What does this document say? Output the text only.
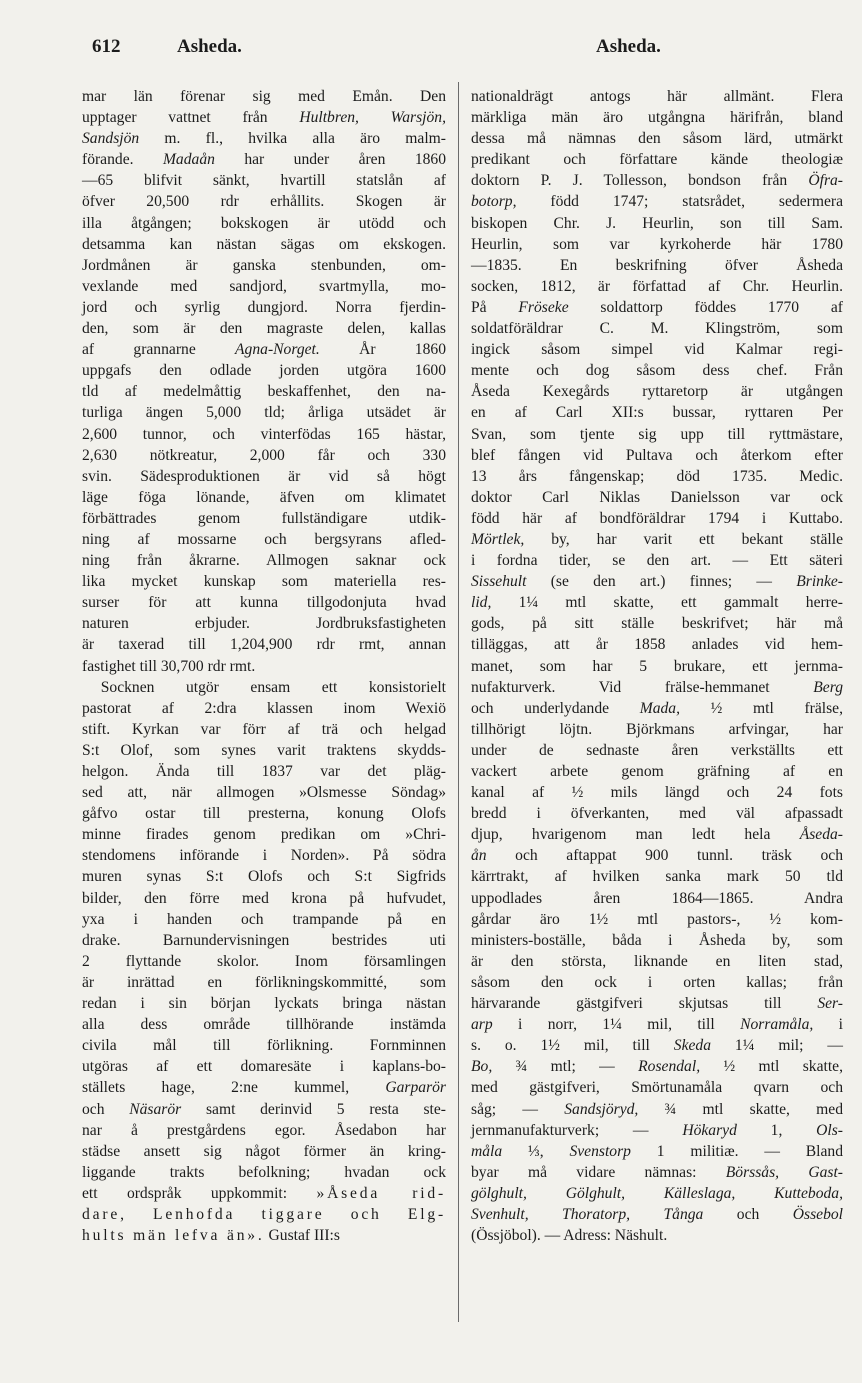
612	Asheda.	Asheda.
mar län förenar sig med Emån. Den
upptager vattnet från Hultbren, Warsjön,
Sandsjön m. fl., hvilka alla äro malm-
förande. Madaån har under åren 1860
—65 blifvit sänkt, hvartill statslån af
öfver 20,500 rdr erhållits. Skogen är
illa åtgången; bokskogen är utödd och
detsamma kan nästan sägas om ekskogen.
Jordmånen är ganska stenbunden, om-
vexlande med sandjord, svartmylla, mo-
jord och syrlig dungjord. Norra fjerdin-
den, som är den magraste delen, kallas
af grannarne Agna-Norget. År 1860
uppgafs den odlade jorden utgöra 1600
tld af medelmåttig beskaffenhet, den na-
turliga ängen 5,000 tld; årliga utsädet är
2,600 tunnor, och vinterfödas 165 hästar,
2,630 nötkreatur, 2,000 får och 330
svin. Sädesproduktionen är vid så högt
läge föga lönande, äfven om klimatet
förbättrades genom fullständigare utdik-
ning af mossarne och bergsyrans afled-
ning från åkrarne. Allmogen saknar ock
lika mycket kunskap som materiella res-
surser för att kunna tillgodonjuta hvad
naturen erbjuder. Jordbruksfastigheten
är taxerad till 1,204,900 rdr rmt, annan
fastighet till 30,700 rdr rmt.
Socknen utgör ensam ett konsistorielt
pastorat af 2:dra klassen inom Wexiö
stift. Kyrkan var förr af trä och helgad
S:t Olof, som synes varit traktens skydds-
helgon. Ända till 1837 var det pläg-
sed att, när allmogen »Olsmesse Söndag»
gåfvo ostar till presterna, konung Olofs
minne firades genom predikan om »Chri-
stendomens införande i Norden». På södra
muren synas S:t Olofs och S:t Sigfrids
bilder, den förre med krona på hufvudet,
yxa i handen och trampande på en
drake. Barnundervisningen bestrides uti
2 flyttande skolor. Inom församlingen
är inrättad en förlikningskommitté, som
redan i sin början lyckats bringa nästan
alla dess område tillhörande instämda
civila mål till förlikning. Fornminnen
utgöras af ett domaresäte i kaplans-bo-
ställets hage, 2:ne kummel, Garparör
och Näsarör samt derinvid 5 resta ste-
nar å prestgårdens egor. Åsedabon har
städse ansett sig något förmer än kring-
liggande trakts befolkning; hvadan ock
ett ordspråk uppkommit: »Åseda rid-
dare, Lenhofda tiggare och Elg-
hults män lefva än». Gustaf III:s
nationaldrägt antogs här allmänt. Flera
märkliga män äro utgångna härifrån, bland
dessa må nämnas den såsom lärd, utmärkt
predikant och författare kände theologiæ
doktorn P. J. Tollesson, bondson från Öfra-
botorp, född 1747; statsrådet, sedermera
biskopen Chr. J. Heurlin, son till Sam.
Heurlin, som var kyrkoherde här 1780
—1835. En beskrifning öfver Åsheda
socken, 1812, är författad af Chr. Heurlin.
På Fröseke soldattorp föddes 1770 af
soldatföräldrar C. M. Klingström, som
ingick såsom simpel vid Kalmar regi-
mente och dog såsom dess chef. Från
Åseda Kexegårds ryttaretorp är utgången
en af Carl XII:s bussar, ryttaren Per
Svan, som tjente sig upp till ryttmästare,
blef fången vid Pultava och återkom efter
13 års fångenskap; död 1735. Medic.
doktor Carl Niklas Danielsson var ock
född här af bondföräldrar 1794 i Kuttabo.
Mörtlek, by, har varit ett bekant ställe
i fordna tider, se den art. — Ett säteri
Sissehult (se den art.) finnes; — Brinke-
lid, 1¼ mtl skatte, ett gammalt herre-
gods, på sitt ställe beskrifvet; här må
tilläggas, att år 1858 anlades vid hem-
manet, som har 5 brukare, ett jernma-
nufakturverk. Vid frälse-hemmanet Berg
och underlydande Mada, ½ mtl frälse,
tillhörigt löjtn. Björkmans arfvingar, har
under de sednaste åren verkställts ett
vackert arbete genom gräfning af en
kanal af ½ mils längd och 24 fots
bredd i öfverkanten, med väl afpassadt
djup, hvarigenom man ledt hela Åseda-
ån och aftappat 900 tunnl. träsk och
kärrtrakt, af hvilken sanka mark 50 tld
uppodlades åren 1864—1865. Andra
gårdar äro 1½ mtl pastors-, ½ kom-
ministers-boställe, båda i Åsheda by, som
är den största, liknande en liten stad,
såsom den ock i orten kallas; från
härvarande gästgifveri skjutsas till Ser-
arp i norr, 1¼ mil, till Norramåla, i
s. o. 1½ mil, till Skeda 1¼ mil; —
Bo, ¾ mtl; — Rosendal, ½ mtl skatte,
med gästgifveri, Smörtunamåla qvarn och
såg; — Sandsjöryd, ¾ mtl skatte, med
jernmanufakturverk; — Hökaryd 1, Ols-
måla ⅓, Svenstorp 1 militiæ. — Bland
byar må vidare nämnas: Börssås, Gast-
gölghult, Gölghult, Källeslaga, Kutteboda,
Svenhult, Thoratorp, Tånga och Össebol
(Össjöbol). — Adress: Näshult.
